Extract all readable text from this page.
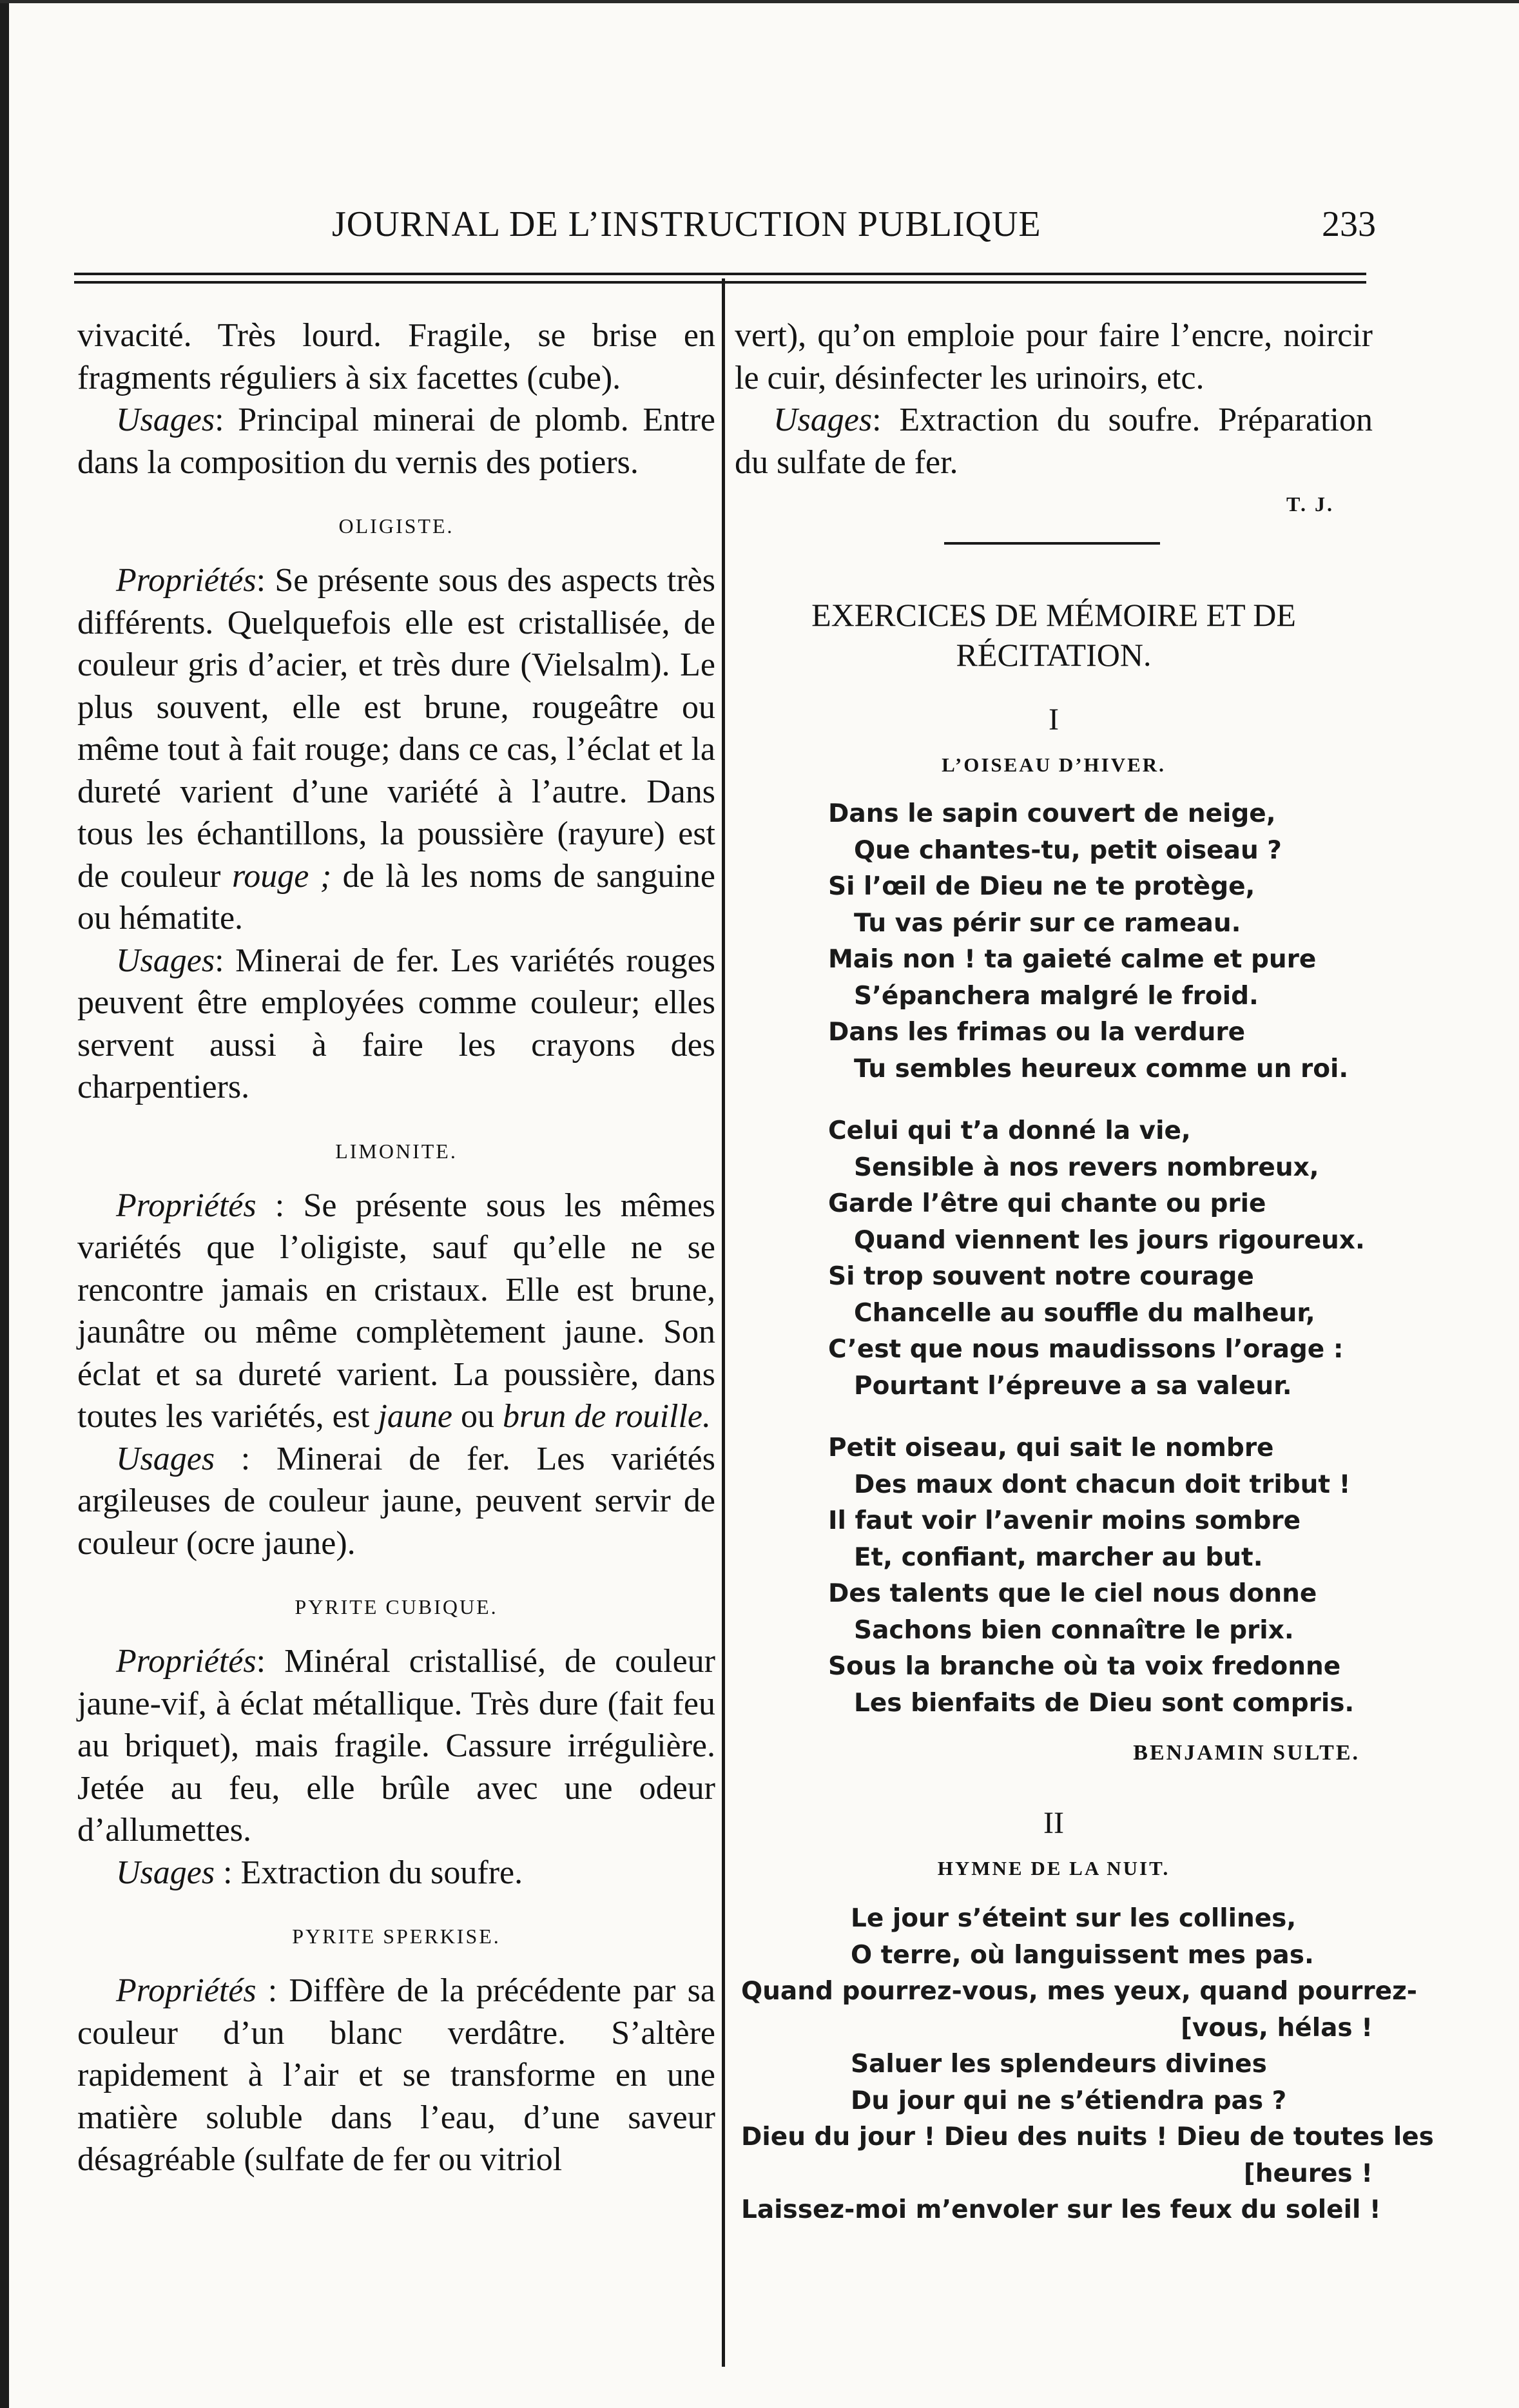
JOURNAL DE L’INSTRUCTION PUBLIQUE	233

vivacité. Très lourd. Fragile, se brise en fragments réguliers à six facettes (cube).

Usages: Principal minerai de plomb. Entre dans la composition du vernis des potiers.

OLIGISTE.

Propriétés: Se présente sous des aspects très différents. Quelquefois elle est cristallisée, de couleur gris d’acier, et très dure (Vielsalm). Le plus souvent, elle est brune, rougeâtre ou même tout à fait rouge; dans ce cas, l’éclat et la dureté varient d’une variété à l’autre. Dans tous les échantillons, la poussière (rayure) est de couleur rouge ; de là les noms de sanguine ou hématite.

Usages: Minerai de fer. Les variétés rouges peuvent être employées comme couleur; elles servent aussi à faire les crayons des charpentiers.

LIMONITE.

Propriétés : Se présente sous les mêmes variétés que l’oligiste, sauf qu’elle ne se rencontre jamais en cristaux. Elle est brune, jaunâtre ou même complètement jaune. Son éclat et sa dureté varient. La poussière, dans toutes les variétés, est jaune ou brun de rouille.

Usages : Minerai de fer. Les variétés argileuses de couleur jaune, peuvent servir de couleur (ocre jaune).

PYRITE CUBIQUE.

Propriétés: Minéral cristallisé, de couleur jaune-vif, à éclat métallique. Très dure (fait feu au briquet), mais fragile. Cassure irrégulière. Jetée au feu, elle brûle avec une odeur d’allumettes.

Usages : Extraction du soufre.

PYRITE SPERKISE.

Propriétés : Diffère de la précédente par sa couleur d’un blanc verdâtre. S’altère rapidement à l’air et se transforme en une matière soluble dans l’eau, d’une saveur désagréable (sulfate de fer ou vitriol

vert), qu’on emploie pour faire l’encre, noircir le cuir, désinfecter les urinoirs, etc.

Usages: Extraction du soufre. Préparation du sulfate de fer.

T. J.
EXERCICES DE MÉMOIRE ET DE RÉCITATION.
I
L’OISEAU D’HIVER.
Dans le sapin couvert de neige,
Que chantes-tu, petit oiseau ?
Si l’œil de Dieu ne te protège,
Tu vas périr sur ce rameau.
Mais non ! ta gaieté calme et pure
S’épanchera malgré le froid.
Dans les frimas ou la verdure
Tu sembles heureux comme un roi.
Celui qui t’a donné la vie,
Sensible à nos revers nombreux,
Garde l’être qui chante ou prie
Quand viennent les jours rigoureux.
Si trop souvent notre courage
Chancelle au souffle du malheur,
C’est que nous maudissons l’orage :
Pourtant l’épreuve a sa valeur.
Petit oiseau, qui sait le nombre
Des maux dont chacun doit tribut !
Il faut voir l’avenir moins sombre
Et, confiant, marcher au but.
Des talents que le ciel nous donne
Sachons bien connaître le prix.
Sous la branche où ta voix fredonne
Les bienfaits de Dieu sont compris.
BENJAMIN SULTE.
II
HYMNE DE LA NUIT.
Le jour s’éteint sur les collines,
O terre, où languissent mes pas.
Quand pourrez-vous, mes yeux, quand pourrez-
[vous, hélas !
Saluer les splendeurs divines
Du jour qui ne s’étiendra pas ?
Dieu du jour ! Dieu des nuits ! Dieu de toutes les
[heures !
Laissez-moi m’envoler sur les feux du soleil !
